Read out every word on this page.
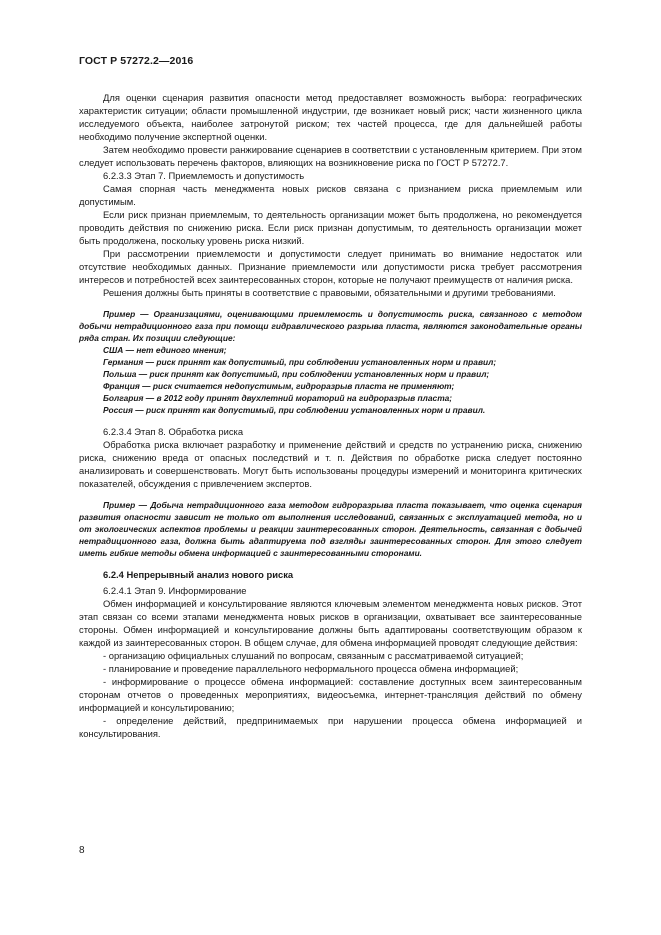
ГОСТ Р 57272.2—2016

Для оценки сценария развития опасности метод предоставляет возможность выбора: географических характеристик ситуации; области промышленной индустрии, где возникает новый риск; части жизненного цикла исследуемого объекта, наиболее затронутой риском; тех частей процесса, где для дальнейшей работы необходимо получение экспертной оценки.

Затем необходимо провести ранжирование сценариев в соответствии с установленным критерием. При этом следует использовать перечень факторов, влияющих на возникновение риска по ГОСТ Р 57272.7.

6.2.3.3 Этап 7. Приемлемость и допустимость

Самая спорная часть менеджмента новых рисков связана с признанием риска приемлемым или допустимым.

Если риск признан приемлемым, то деятельность организации может быть продолжена, но рекомендуется проводить действия по снижению риска. Если риск признан допустимым, то деятельность организации может быть продолжена, поскольку уровень риска низкий.

При рассмотрении приемлемости и допустимости следует принимать во внимание недостаток или отсутствие необходимых данных. Признание приемлемости или допустимости риска требует рассмотрения интересов и потребностей всех заинтересованных сторон, которые не получают преимуществ от наличия риска.

Решения должны быть приняты в соответствие с правовыми, обязательными и другими требованиями.

Пример — Организациями, оценивающими приемлемость и допустимость риска, связанного с методом добычи нетрадиционного газа при помощи гидравлического разрыва пласта, являются законодательные органы ряда стран. Их позиции следующие:

США — нет единого мнения;

Германия — риск принят как допустимый, при соблюдении установленных норм и правил;

Польша — риск принят как допустимый, при соблюдении установленных норм и правил;

Франция — риск считается недопустимым, гидроразрыв пласта не применяют;

Болгария — в 2012 году принят двухлетний мораторий на гидроразрыв пласта;

Россия — риск принят как допустимый, при соблюдении установленных норм и правил.

6.2.3.4 Этап 8. Обработка риска

Обработка риска включает разработку и применение действий и средств по устранению риска, снижению риска, снижению вреда от опасных последствий и т. п. Действия по обработке риска следует постоянно анализировать и совершенствовать. Могут быть использованы процедуры измерений и мониторинга критических показателей, обсуждения с привлечением экспертов.

Пример — Добыча нетрадиционного газа методом гидроразрыва пласта показывает, что оценка сценария развития опасности зависит не только от выполнения исследований, связанных с эксплуатацией метода, но и от экологических аспектов проблемы и реакции заинтересованных сторон. Деятельность, связанная с добычей нетрадиционного газа, должна быть адаптируема под взгляды заинтересованных сторон. Для этого следует иметь гибкие методы обмена информацией с заинтересованными сторонами.

6.2.4 Непрерывный анализ нового риска

6.2.4.1 Этап 9. Информирование

Обмен информацией и консультирование являются ключевым элементом менеджмента новых рисков. Этот этап связан со всеми этапами менеджмента новых рисков в организации, охватывает все заинтересованные стороны. Обмен информацией и консультирование должны быть адаптированы соответствующим образом к каждой из заинтересованных сторон. В общем случае, для обмена информацией проводят следующие действия:

- организацию официальных слушаний по вопросам, связанным с рассматриваемой ситуацией;

- планирование и проведение параллельного неформального процесса обмена информацией;

- информирование о процессе обмена информацией: составление доступных всем заинтересованным сторонам отчетов о проведенных мероприятиях, видеосъемка, интернет-трансляция действий по обмену информацией и консультированию;

- определение действий, предпринимаемых при нарушении процесса обмена информацией и консультирования.

8
